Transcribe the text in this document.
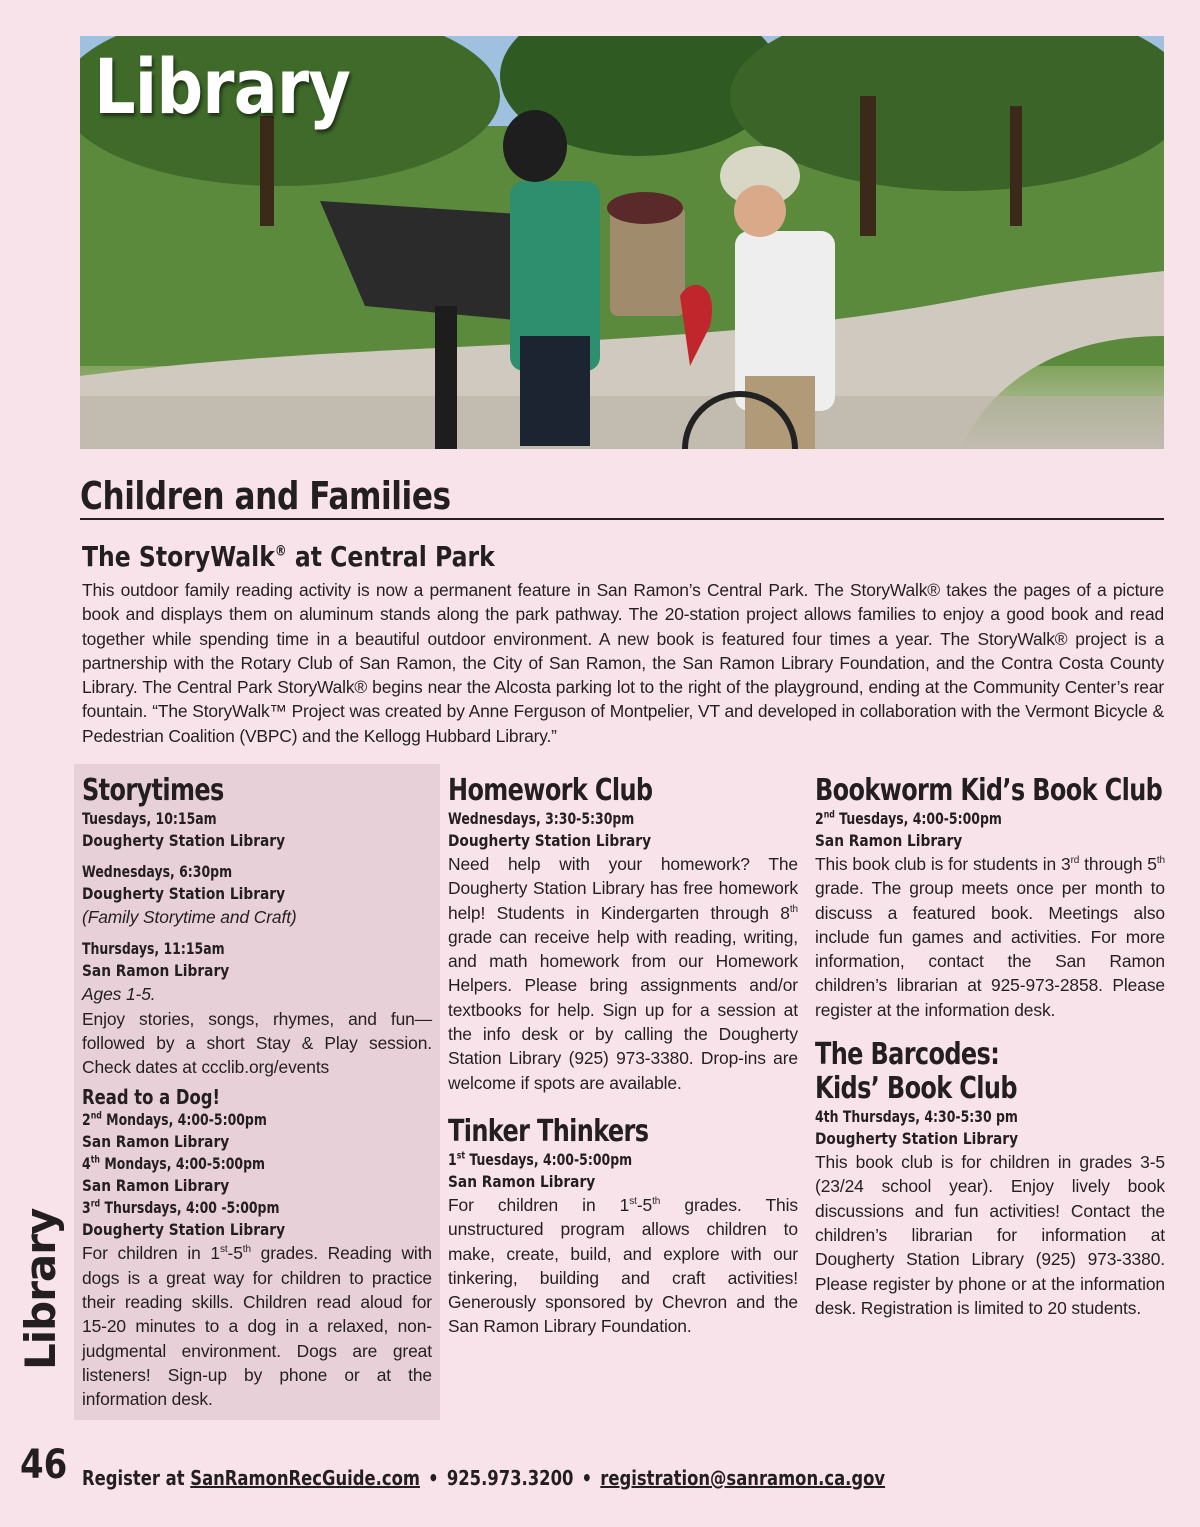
Library
Children and Families
The StoryWalk® at Central Park
This outdoor family reading activity is now a permanent feature in San Ramon’s Central Park. The StoryWalk® takes the pages of a picture book and displays them on aluminum stands along the park pathway. The 20-station project allows families to enjoy a good book and read together while spending time in a beautiful outdoor environment. A new book is featured four times a year. The StoryWalk® project is a partnership with the Rotary Club of San Ramon, the City of San Ramon, the San Ramon Library Foundation, and the Contra Costa County Library. The Central Park StoryWalk® begins near the Alcosta parking lot to the right of the playground, ending at the Community Center’s rear fountain. “The StoryWalk™ Project was created by Anne Ferguson of Montpelier, VT and developed in collaboration with the Vermont Bicycle & Pedestrian Coalition (VBPC) and the Kellogg Hubbard Library.”
Storytimes
Tuesdays, 10:15am
Dougherty Station Library
Wednesdays, 6:30pm
Dougherty Station Library
(Family Storytime and Craft)
Thursdays, 11:15am
San Ramon Library
Ages 1-5.
Enjoy stories, songs, rhymes, and fun—followed by a short Stay & Play session. Check dates at ccclib.org/events
Read to a Dog!
2nd Mondays, 4:00-5:00pm
San Ramon Library
4th Mondays, 4:00-5:00pm
San Ramon Library
3rd Thursdays, 4:00 -5:00pm
Dougherty Station Library
For children in 1st-5th grades. Reading with dogs is a great way for children to practice their reading skills. Children read aloud for 15-20 minutes to a dog in a relaxed, non-judgmental environment. Dogs are great listeners! Sign-up by phone or at the information desk.
Homework Club
Wednesdays, 3:30-5:30pm
Dougherty Station Library
Need help with your homework? The Dougherty Station Library has free homework help! Students in Kindergarten through 8th grade can receive help with reading, writing, and math homework from our Homework Helpers. Please bring assignments and/or textbooks for help. Sign up for a session at the info desk or by calling the Dougherty Station Library (925) 973-3380. Drop-ins are welcome if spots are available.
Tinker Thinkers
1st Tuesdays, 4:00-5:00pm
San Ramon Library
For children in 1st-5th grades. This unstructured program allows children to make, create, build, and explore with our tinkering, building and craft activities! Generously sponsored by Chevron and the San Ramon Library Foundation.
Bookworm Kid’s Book Club
2nd Tuesdays, 4:00-5:00pm
San Ramon Library
This book club is for students in 3rd through 5th grade. The group meets once per month to discuss a featured book. Meetings also include fun games and activities. For more information, contact the San Ramon children’s librarian at 925-973-2858. Please register at the information desk.
The Barcodes:
Kids’ Book Club
4th Thursdays, 4:30-5:30 pm
Dougherty Station Library
This book club is for children in grades 3-5 (23/24 school year). Enjoy lively book discussions and fun activities! Contact the children’s librarian for information at Dougherty Station Library (925) 973-3380. Please register by phone or at the information desk. Registration is limited to 20 students.
Library
46 Register at SanRamonRecGuide.com • 925.973.3200 • registration@sanramon.ca.gov
